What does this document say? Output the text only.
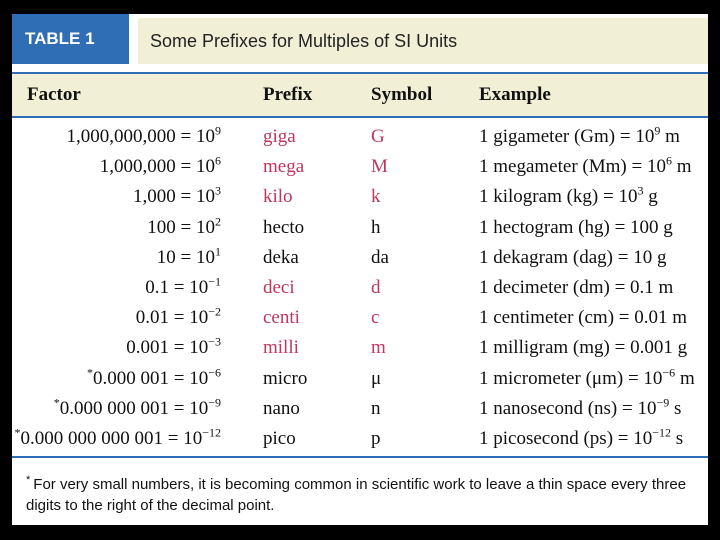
TABLE 1	Some Prefixes for Multiples of SI Units
Factor	Prefix	Symbol Example
$1,000,000,000 = 10^9$ giga	G	1 gigameter $(Gm) = 10^9$ m
$1,000,000 = 10^6$ mega	M	1 megameter $(Mm) = 10^6$ m
$1,000 = 10^3$ kilo	k	1 kilogram $(kg) = 10^3$ g
$100 = 10^2$ hecto	h	1 hectogram (hg) = 100 g
$10 = 10^1$ deka	da	1 dekagram (dag) = 10 g
$0.1 = 10^{-1}$ deci	d	1 decimeter (dm) = 0.1 m
$0.01 = 10^{-2}$ centi	c	1 centimeter (cm) = 0.01 m
$0.001 = 10^{-3}$ milli	m	1 milligram (mg) = 0.001 g
*0.000 $001 = 10^{-6}$ micro	μ	1 micrometer $(\mu m) = 10^{-6}$ m
*0.000 000 $001 = 10^{-9}$ nano	n	1 nanosecond $(ns) = 10^{-9}$ s
*0.000 000 000 $001 = 10^{-12}$ pico	p	1 picosecond $(ps) = 10^{-12}$ s
* For very small numbers, it is becoming common in scientific work to leave a thin space every three digits to the right of the decimal point.
